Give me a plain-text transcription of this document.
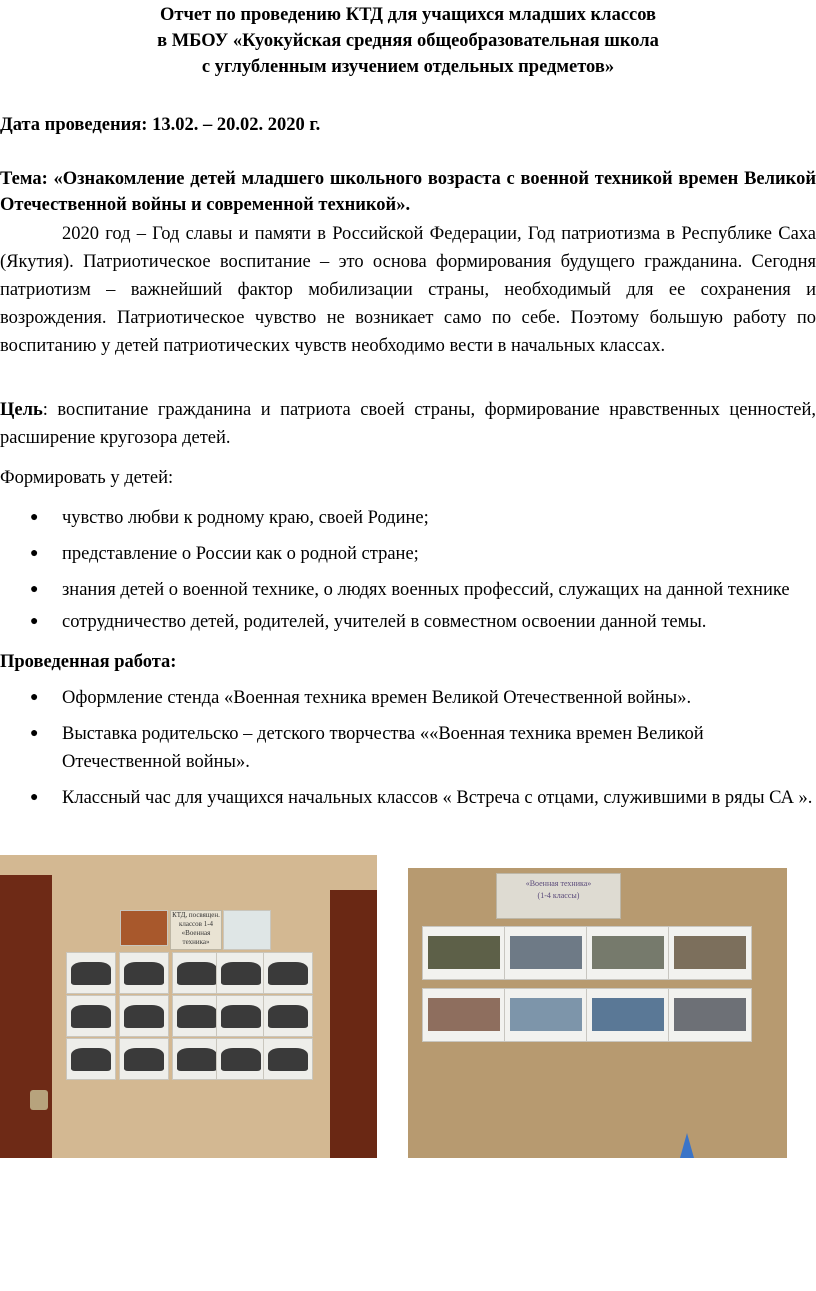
Отчет по проведению КТД для учащихся младших классов
в МБОУ «Куокуйская средняя общеобразовательная школа
с углубленным изучением отдельных предметов»
Дата проведения: 13.02. – 20.02. 2020 г.
Тема: «Ознакомление детей младшего школьного возраста с военной техникой времен Великой Отечественной войны и современной техникой».
2020 год – Год славы и памяти в Российской Федерации, Год патриотизма в Республике Саха (Якутия). Патриотическое воспитание – это основа формирования будущего гражданина. Сегодня патриотизм – важнейший фактор мобилизации страны, необходимый для ее сохранения и возрождения. Патриотическое чувство не возникает само по себе. Поэтому большую работу по воспитанию у детей патриотических чувств необходимо вести в начальных классах.
Цель: воспитание гражданина и патриота своей страны, формирование нравственных ценностей, расширение кругозора детей.
Формировать у детей:
● чувство любви к родному краю, своей Родине;
● представление о России как о родной стране;
● знания детей о военной технике, о людях военных профессий, служащих на данной технике
● сотрудничество детей, родителей, учителей в совместном освоении данной темы.
Проведенная работа:
● Оформление стенда «Военная техника времен Великой Отечественной войны».
● Выставка родительско – детского творчества ««Военная техника времен Великой Отечественной войны».
● Классный час для учащихся начальных классов « Встреча с отцами, служившими в ряды СА ».
КТД, посвящен. классов 1-4 «Военная техника»
«Военная техника»
(1-4 классы)
